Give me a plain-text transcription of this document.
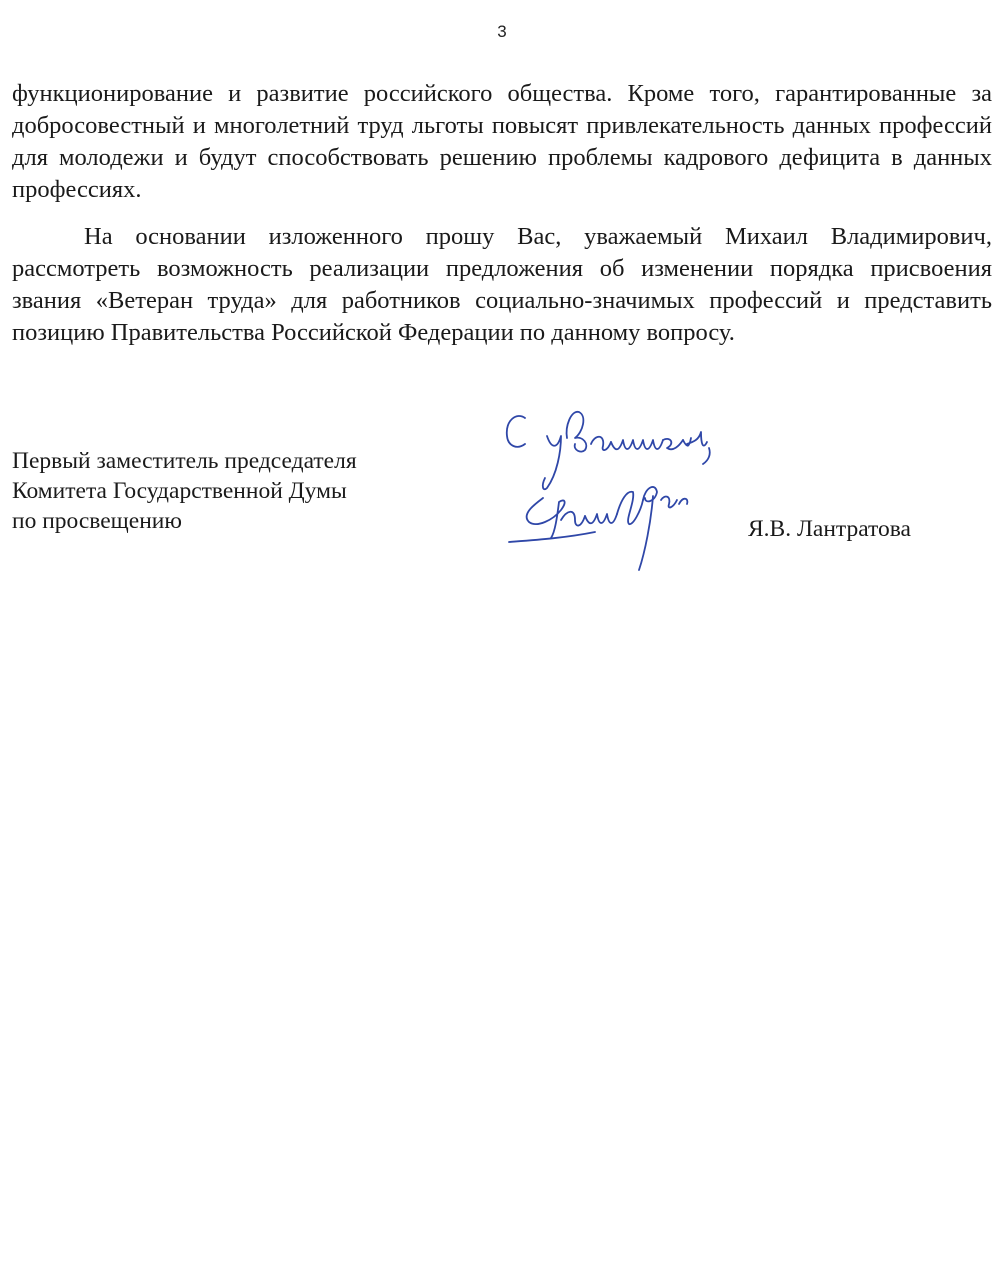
3

функционирование и развитие российского общества. Кроме того, гарантированные за добросовестный и многолетний труд льготы повысят привлекательность данных профессий для молодежи и будут способствовать решению проблемы кадрового дефицита в данных профессиях.

На основании изложенного прошу Вас, уважаемый Михаил Владимирович, рассмотреть возможность реализации предложения об изменении порядка присвоения звания «Ветеран труда» для работников социально-значимых профессий и представить позицию Правительства Российской Федерации по данному вопросу.

Первый заместитель председателя
Комитета Государственной Думы
по просвещению	Я.В. Лантратова
